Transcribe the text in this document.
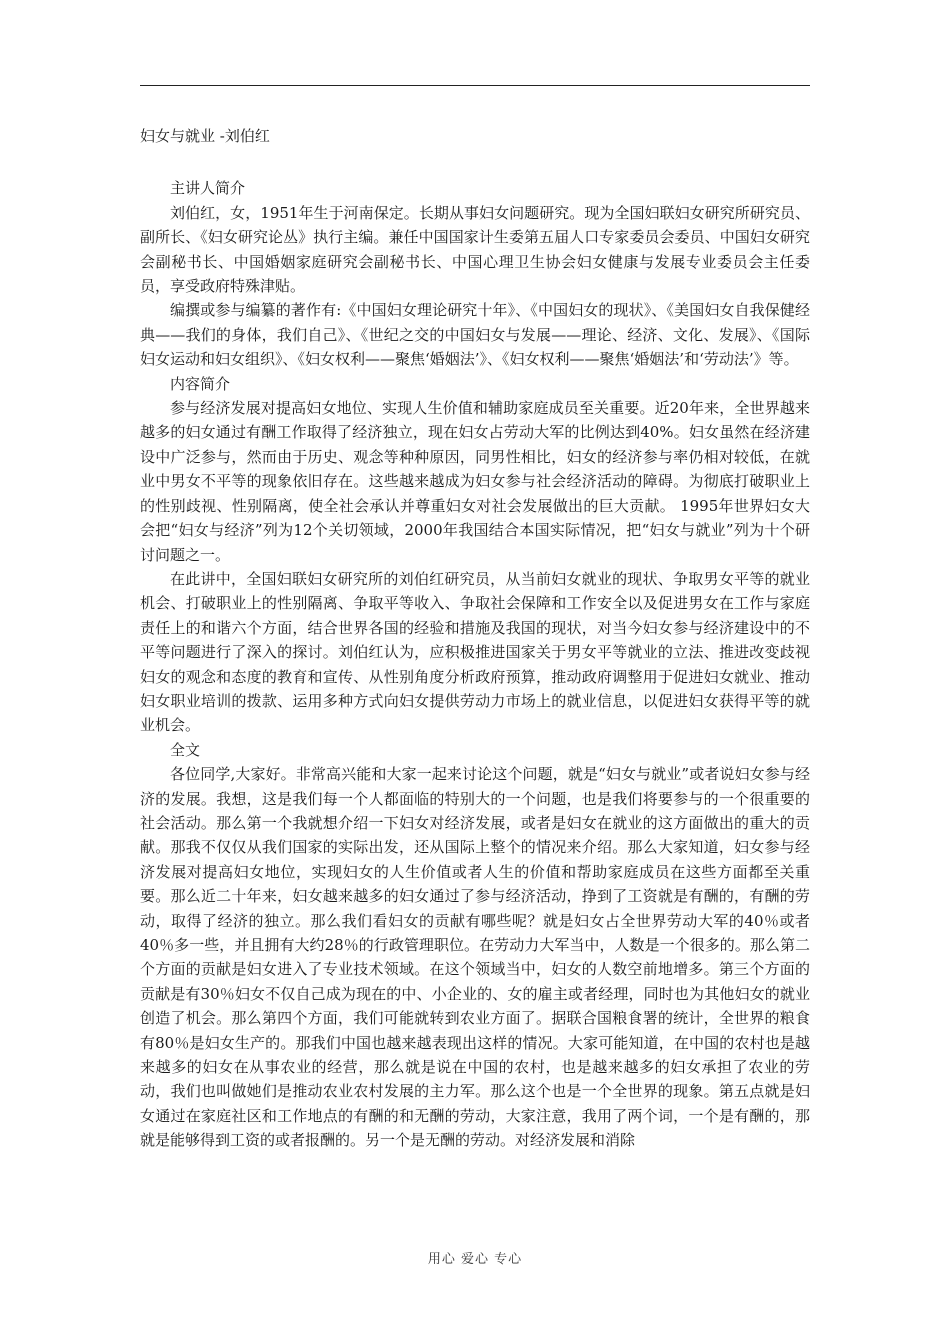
妇女与就业 -刘伯红

主讲人简介

刘伯红，女，1951年生于河南保定。长期从事妇女问题研究。现为全国妇联妇女研究所研究员、副所长、《妇女研究论丛》执行主编。兼任中国国家计生委第五届人口专家委员会委员、中国妇女研究会副秘书长、中国婚姻家庭研究会副秘书长、中国心理卫生协会妇女健康与发展专业委员会主任委员，享受政府特殊津贴。

编撰或参与编纂的著作有:《中国妇女理论研究十年》、《中国妇女的现状》、《美国妇女自我保健经典——我们的身体，我们自己》、《世纪之交的中国妇女与发展——理论、经济、文化、发展》、《国际妇女运动和妇女组织》、《妇女权利——聚焦‘婚姻法’》、《妇女权利——聚焦‘婚姻法’和‘劳动法’》等。

内容简介

参与经济发展对提高妇女地位、实现人生价值和辅助家庭成员至关重要。近20年来，全世界越来越多的妇女通过有酬工作取得了经济独立，现在妇女占劳动大军的比例达到40%。妇女虽然在经济建设中广泛参与，然而由于历史、观念等种种原因，同男性相比，妇女的经济参与率仍相对较低，在就业中男女不平等的现象依旧存在。这些越来越成为妇女参与社会经济活动的障碍。为彻底打破职业上的性别歧视、性别隔离，使全社会承认并尊重妇女对社会发展做出的巨大贡献。 1995年世界妇女大会把“妇女与经济”列为12个关切领域，2000年我国结合本国实际情况，把“妇女与就业”列为十个研讨问题之一。

在此讲中，全国妇联妇女研究所的刘伯红研究员，从当前妇女就业的现状、争取男女平等的就业机会、打破职业上的性别隔离、争取平等收入、争取社会保障和工作安全以及促进男女在工作与家庭责任上的和谐六个方面，结合世界各国的经验和措施及我国的现状，对当今妇女参与经济建设中的不平等问题进行了深入的探讨。刘伯红认为，应积极推进国家关于男女平等就业的立法、推进改变歧视妇女的观念和态度的教育和宣传、从性别角度分析政府预算，推动政府调整用于促进妇女就业、推动妇女职业培训的拨款、运用多种方式向妇女提供劳动力市场上的就业信息，以促进妇女获得平等的就业机会。

全文

各位同学,大家好。非常高兴能和大家一起来讨论这个问题，就是“妇女与就业”或者说妇女参与经济的发展。我想，这是我们每一个人都面临的特别大的一个问题，也是我们将要参与的一个很重要的社会活动。那么第一个我就想介绍一下妇女对经济发展，或者是妇女在就业的这方面做出的重大的贡献。那我不仅仅从我们国家的实际出发，还从国际上整个的情况来介绍。那么大家知道，妇女参与经济发展对提高妇女地位，实现妇女的人生价值或者人生的价值和帮助家庭成员在这些方面都至关重要。那么近二十年来，妇女越来越多的妇女通过了参与经济活动，挣到了工资就是有酬的，有酬的劳动，取得了经济的独立。那么我们看妇女的贡献有哪些呢？就是妇女占全世界劳动大军的40％或者40％多一些，并且拥有大约28％的行政管理职位。在劳动力大军当中，人数是一个很多的。那么第二个方面的贡献是妇女进入了专业技术领域。在这个领域当中，妇女的人数空前地增多。第三个方面的贡献是有30％妇女不仅自己成为现在的中、小企业的、女的雇主或者经理，同时也为其他妇女的就业创造了机会。那么第四个方面，我们可能就转到农业方面了。据联合国粮食署的统计，全世界的粮食有80％是妇女生产的。那我们中国也越来越表现出这样的情况。大家可能知道，在中国的农村也是越来越多的妇女在从事农业的经营，那么就是说在中国的农村，也是越来越多的妇女承担了农业的劳动，我们也叫做她们是推动农业农村发展的主力军。那么这个也是一个全世界的现象。第五点就是妇女通过在家庭社区和工作地点的有酬的和无酬的劳动，大家注意，我用了两个词，一个是有酬的，那就是能够得到工资的或者报酬的。另一个是无酬的劳动。对经济发展和消除

用心 爱心 专心
